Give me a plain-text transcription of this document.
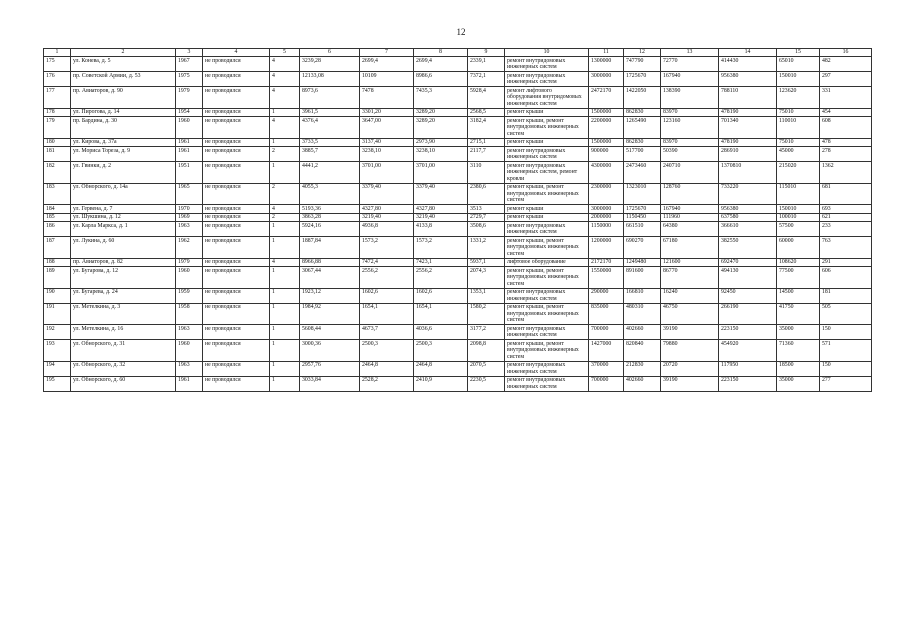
12
1	2	3	4	5	6	7	8	9	10	11	12	13	14	15	16
175	ул. Конева, д. 5	1967	не проводился	4	3239,28	2699,4	2699,4	2339,1	ремонт внутридомовых инженерных систем	1300000	747790	72770	414430	65010	482
176	пр. Советской Армии, д. 53	1975	не проводился	4	12133,08	10109	8986,6	7372,1	ремонт внутридомовых инженерных систем	3000000	1725670	167940	956380	150010	297
177	пр. Авиаторов, д. 90	1979	не проводился	4	8973,6	7478	7435,3	5928,4	ремонт лифтового оборудования внутридомовых инженерных систем	2472170	1422050	138390	788110	123620	331
178	ул. Пирогова, д. 14	1954	не проводился	1	3961,5	3301,20	3289,20	2568,5	ремонт крыши	1500000	862830	83970	478190	75010	454
179	пр. Бардина, д. 30	1960	не проводился	4	4376,4	3647,00	3289,20	3182,4	ремонт крыши, ремонт внутридомовых инженерных систем	2200000	1265490	123160	701340	110010	608
180	ул. Кирова, д. 37а	1961	не проводился	1	3733,5	3137,40	2973,90	2715,1	ремонт крыши	1500000	862830	83970	478190	75010	478
181	ул. Мориса Тореза, д. 9	1961	не проводился	2	3885,7	3238,10	3238,10	2117,7	ремонт внутридомовых инженерных систем	900000	517700	50390	286910	45000	278
182	ул. Гвинки, д. 2	1951	не проводился	1	4441,2	3701,00	3701,00	3110	ремонт внутридомовых инженерных систем, ремонт кровли	4300000	2473460	240710	1370810	215020	1362
183	ул. Обнорского, д. 14а	1965	не проводился	2	4055,3	3379,40	3379,40	2380,6	ремонт крыши, ремонт внутридомовых инженерных систем	2300000	1323010	128760	733220	115010	681
184	ул. Гервена, д. 7	1970	не проводился	4	5193,36	4327,80	4327,80	3513	ремонт крыши	3000000	1725670	167940	956380	150010	693
185	ул. Шукшина, д. 12	1969	не проводился	2	3863,28	3219,40	3219,40	2729,7	ремонт крыши	2000000	1150450	111960	637580	100010	621
186	ул. Карла Маркса, д. 1	1963	не проводился	1	5924,16	4936,8	4133,8	3508,6	ремонт внутридомовых инженерных систем	1150000	661510	64380	366610	57500	233
187	ул. Лукина, д. 60	1962	не проводился	1	1887,84	1573,2	1573,2	1331,2	ремонт крыши, ремонт внутридомовых инженерных систем	1200000	690270	67180	382550	60000	763
188	пр. Авиаторов, д. 82	1979	не проводился	4	8966,88	7472,4	7423,1	5937,1	лифтовое оборудование	2172170	1249480	121600	692470	108620	291
189	ул. Бугарова, д. 12	1960	не проводился	1	3067,44	2556,2	2556,2	2074,3	ремонт крыши, ремонт внутридомовых инженерных систем	1550000	891600	86770	494130	77500	606
190	ул. Бугарева, д. 24	1959	не проводился	1	1923,12	1602,6	1602,6	1353,1	ремонт внутридомовых инженерных систем	290000	166810	16240	92450	14500	181
191	ул. Метелкина, д. 3	1958	не проводился	1	1984,92	1654,1	1654,1	1580,2	ремонт крыши, ремонт внутридомовых инженерных систем	835000	480310	46750	266190	41750	505
192	ул. Метелкина, д. 16	1963	не проводился	1	5608,44	4673,7	4036,6	3177,2	ремонт внутридомовых инженерных систем	700000	402660	39190	223150	35000	150
193	ул. Обнорского, д. 31	1960	не проводился	1	3000,36	2500,3	2500,3	2098,8	ремонт крыши, ремонт внутридомовых инженерных систем	1427000	820840	79880	454920	71360	571
194	ул. Обнорского, д. 32	1963	не проводился	1	2957,76	2464,8	2464,8	2070,5	ремонт внутридомовых инженерных систем	370000	212830	20720	117950	18500	150
195	ул. Обнорского, д. 60	1961	не проводился	1	3033,84	2528,2	2410,9	2230,5	ремонт внутридомовых инженерных систем	700000	402660	39190	223150	35000	277
